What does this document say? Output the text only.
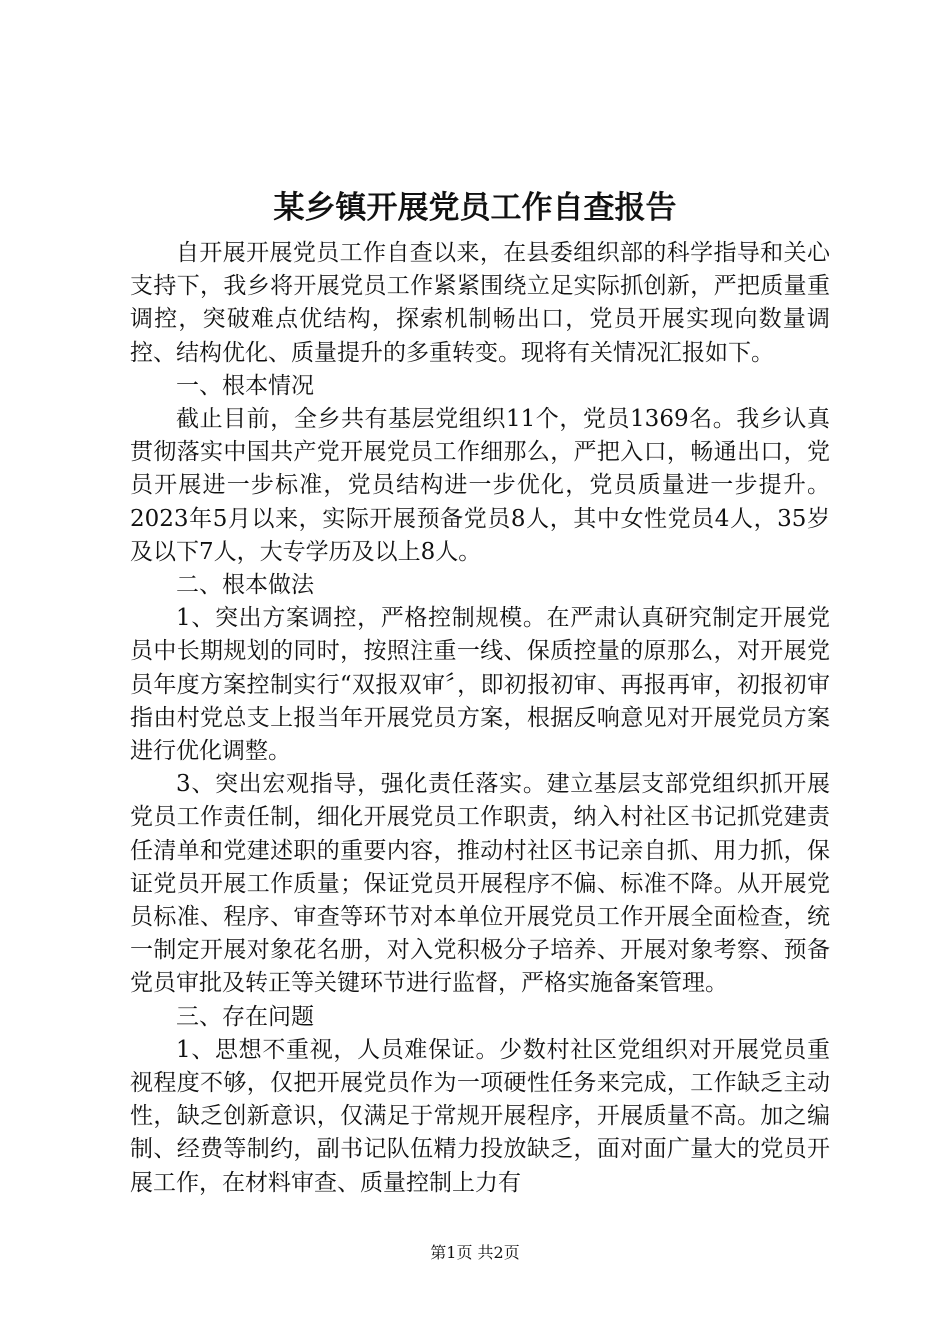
某乡镇开展党员工作自查报告

自开展开展党员工作自查以来，在县委组织部的科学指导和关心支持下，我乡将开展党员工作紧紧围绕立足实际抓创新，严把质量重调控，突破难点优结构，探索机制畅出口，党员开展实现向数量调控、结构优化、质量提升的多重转变。现将有关情况汇报如下。

一、根本情况

截止目前，全乡共有基层党组织11个，党员1369名。我乡认真贯彻落实中国共产党开展党员工作细那么，严把入口，畅通出口，党员开展进一步标准，党员结构进一步优化，党员质量进一步提升。2023年5月以来，实际开展预备党员8人，其中女性党员4人，35岁及以下7人，大专学历及以上8人。

二、根本做法

1、突出方案调控，严格控制规模。在严肃认真研究制定开展党员中长期规划的同时，按照注重一线、保质控量的原那么，对开展党员年度方案控制实行“双报双审〞，即初报初审、再报再审，初报初审指由村党总支上报当年开展党员方案，根据反响意见对开展党员方案进行优化调整。

3、突出宏观指导，强化责任落实。建立基层支部党组织抓开展党员工作责任制，细化开展党员工作职责，纳入村社区书记抓党建责任清单和党建述职的重要内容，推动村社区书记亲自抓、用力抓，保证党员开展工作质量；保证党员开展程序不偏、标准不降。从开展党员标准、程序、审查等环节对本单位开展党员工作开展全面检查，统一制定开展对象花名册，对入党积极分子培养、开展对象考察、预备党员审批及转正等关键环节进行监督，严格实施备案管理。

三、存在问题

1、思想不重视，人员难保证。少数村社区党组织对开展党员重视程度不够，仅把开展党员作为一项硬性任务来完成，工作缺乏主动性，缺乏创新意识，仅满足于常规开展程序，开展质量不高。加之编制、经费等制约，副书记队伍精力投放缺乏，面对面广量大的党员开展工作，在材料审查、质量控制上力有

第1页 共2页
